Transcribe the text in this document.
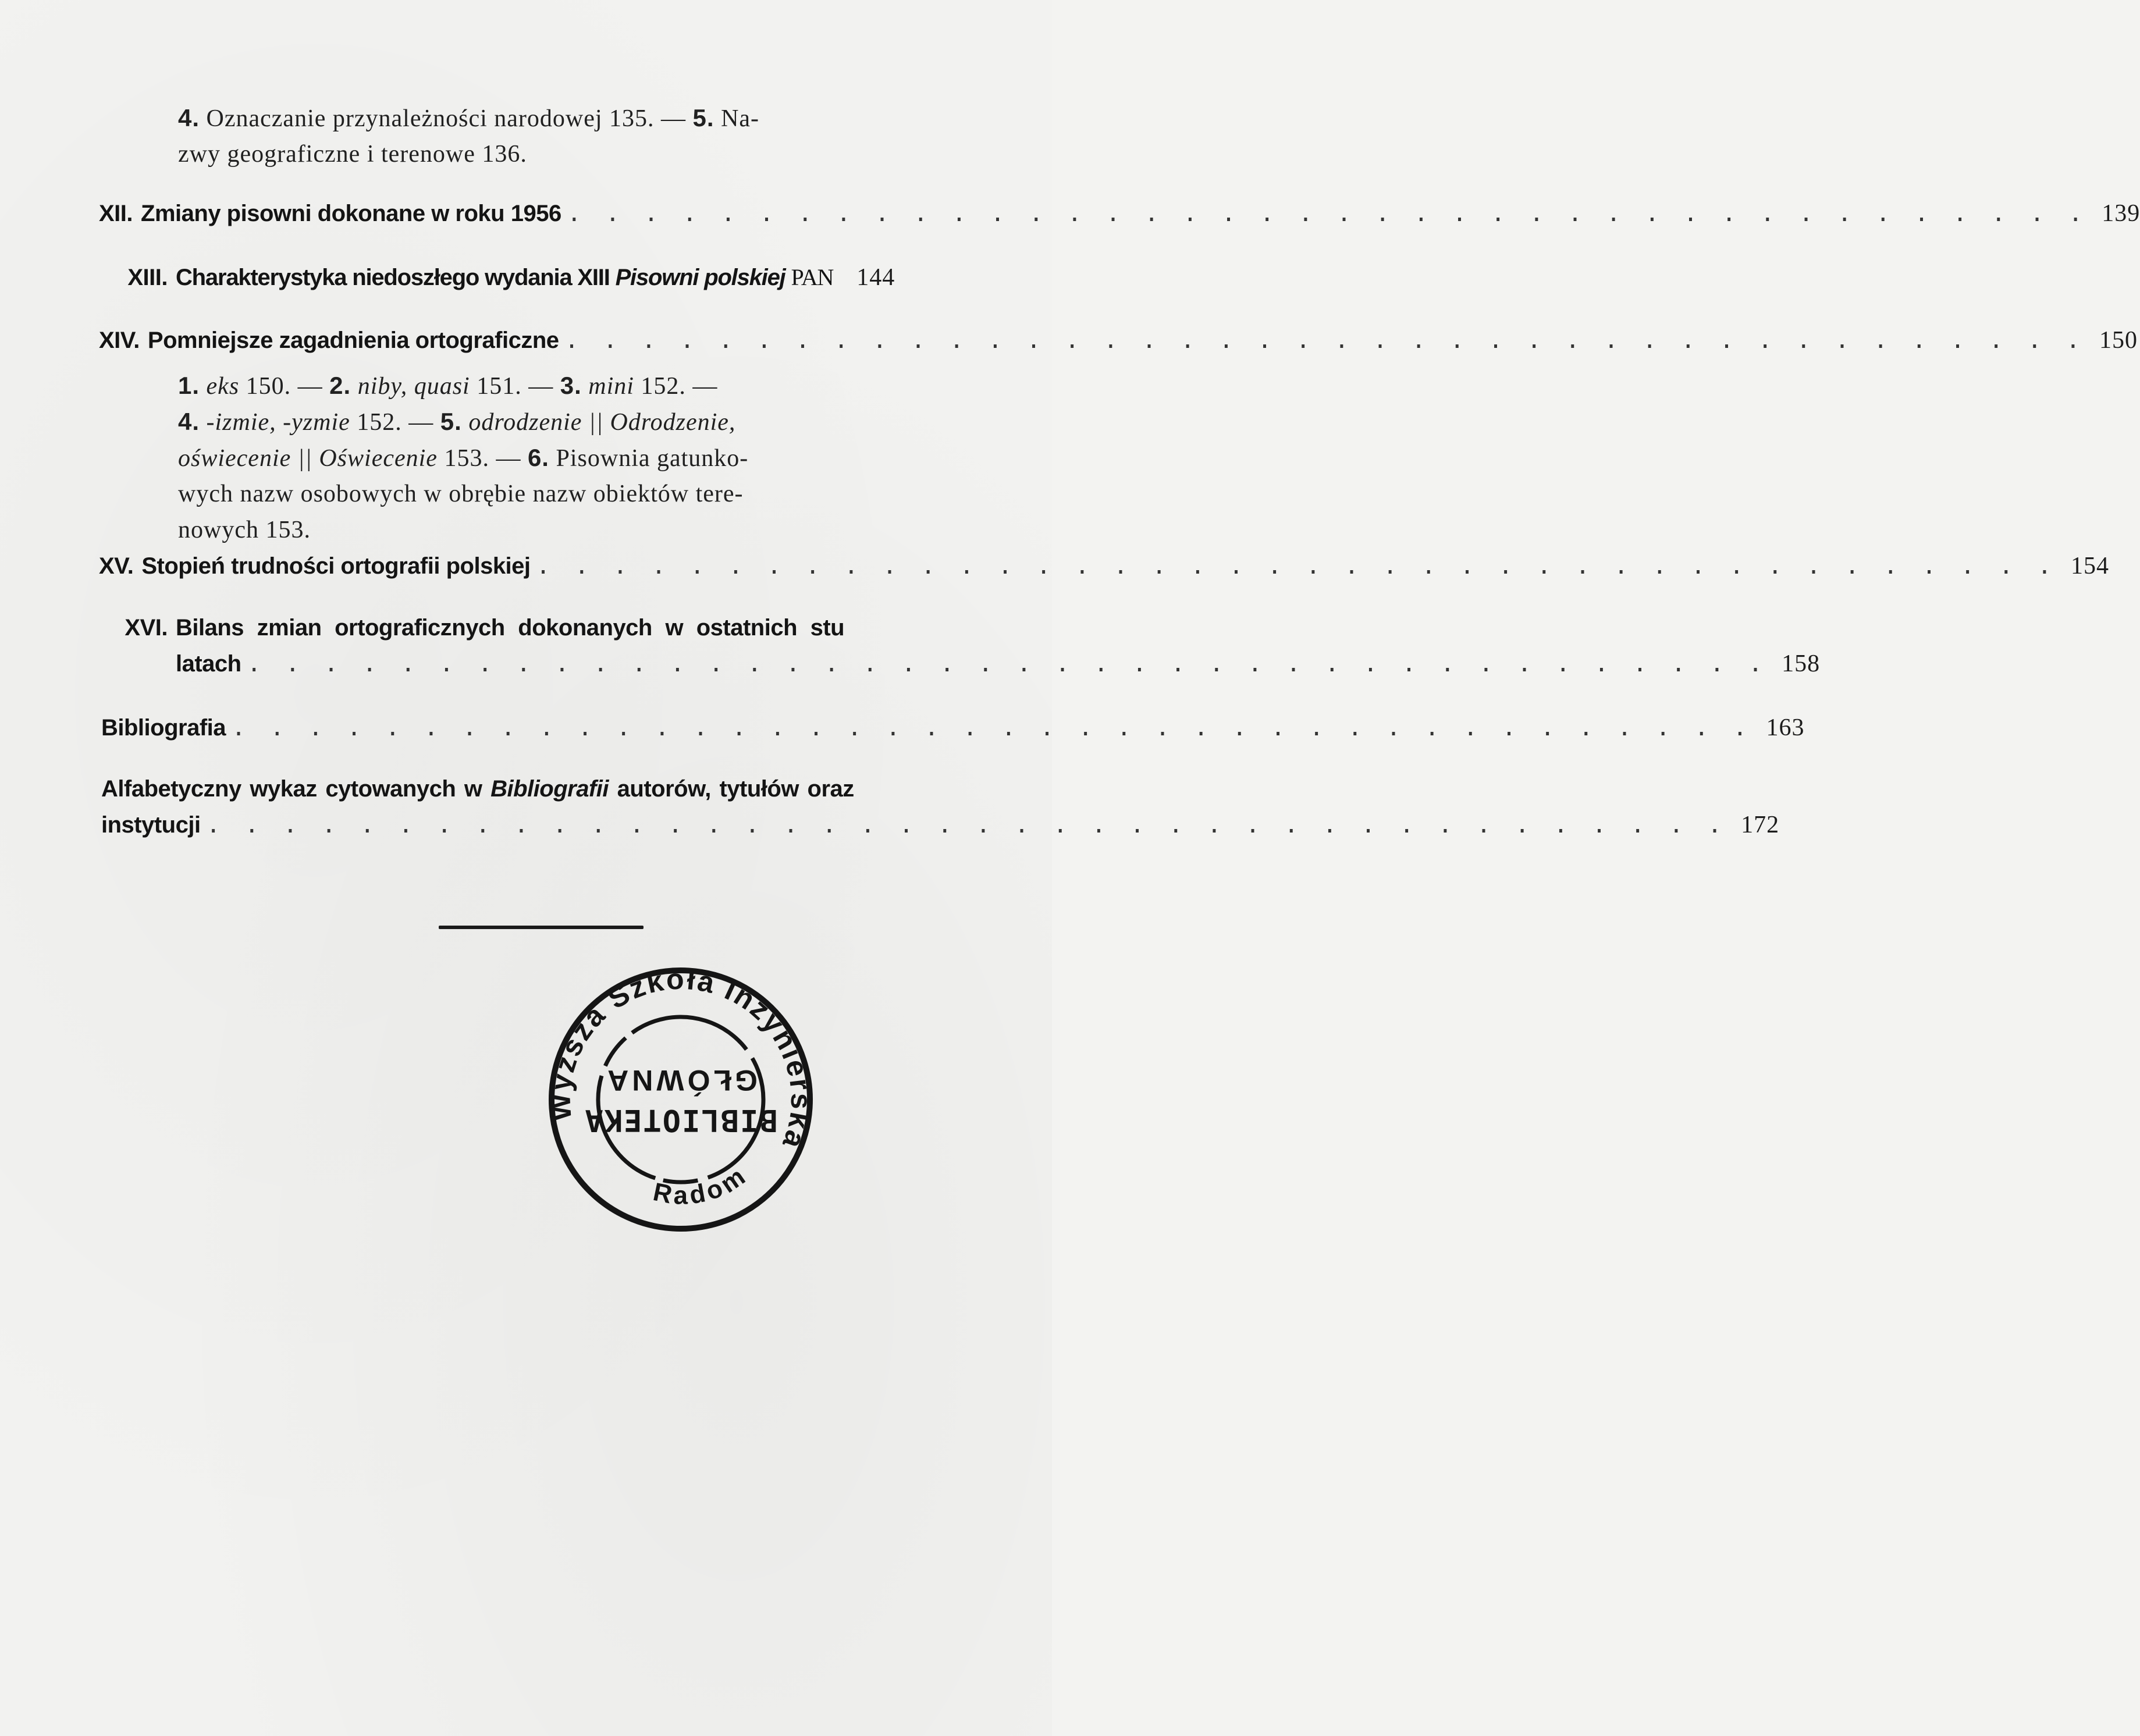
4. Oznaczanie przynależności narodowej 135. — 5. Na-
zwy geograficzne i terenowe 136.
XII. Zmiany pisowni dokonane w roku 1956 . . . . . . . . . . . . . . . . . . . . . . . . . . . . . . . . . . . . . . . . 139
XIII. Charakterystyka niedoszłego wydania XIII Pisowni polskiej PAN 144
XIV. Pomniejsze zagadnienia ortograficzne . . . . . . . . . . . . . . . . . . . . . . . . . . . . . . . . . . . . . . . . 150
1. eks 150. — 2. niby, quasi 151. — 3. mini 152. —
4. -izmie, -yzmie 152. — 5. odrodzenie || Odrodzenie,
oświecenie || Oświecenie 153. — 6. Pisownia gatunko-
wych nazw osobowych w obrębie nazw obiektów tere-
nowych 153.
XV. Stopień trudności ortografii polskiej . . . . . . . . . . . . . . . . . . . . . . . . . . . . . . . . . . . . . . . . 154
XVI. Bilans zmian ortograficznych dokonanych w ostatnich stu
latach . . . . . . . . . . . . . . . . . . . . . . . . . . . . . . . . . . . . . . . . 158
Bibliografia . . . . . . . . . . . . . . . . . . . . . . . . . . . . . . . . . . . . . . . . 163
Alfabetyczny wykaz cytowanych w Bibliografii autorów, tytułów oraz
instytucji . . . . . . . . . . . . . . . . . . . . . . . . . . . . . . . . . . . . . . . . 172
Wyższa Szkoła Inżynierska
Radom
BIBLIOTEKA
GŁÓWNA
